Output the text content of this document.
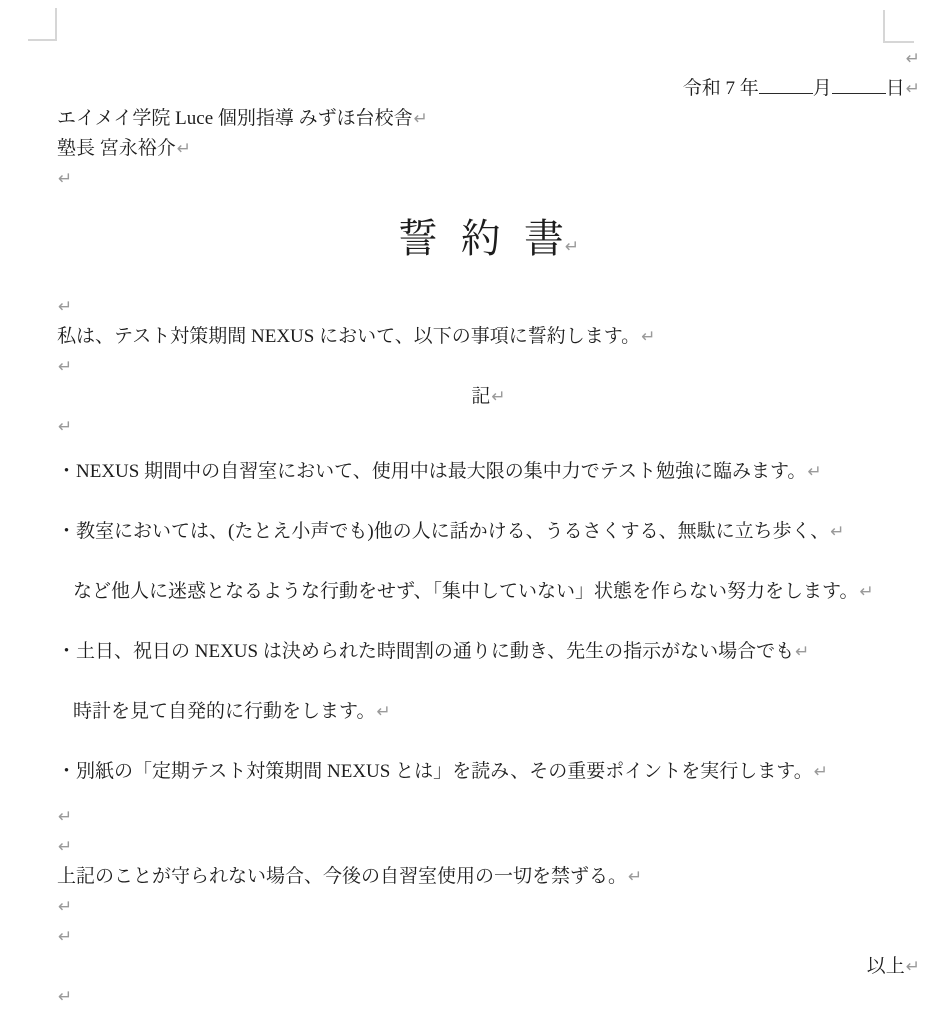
↵

令和 7 年	月	日↵

エイメイ学院 Luce 個別指導 みずほ台校舎↵

塾長 宮永裕介↵

↵

誓 約 書↵

↵

私は、テスト対策期間 NEXUS において、以下の事項に誓約します。↵

↵

記↵

↵

・NEXUS 期間中の自習室において、使用中は最大限の集中力でテスト勉強に臨みます。↵

・教室においては、(たとえ小声でも)他の人に話かける、うるさくする、無駄に立ち歩く、↵

など他人に迷惑となるような行動をせず、「集中していない」状態を作らない努力をします。↵

・土日、祝日の NEXUS は決められた時間割の通りに動き、先生の指示がない場合でも↵

時計を見て自発的に行動をします。↵

・別紙の「定期テスト対策期間 NEXUS とは」を読み、その重要ポイントを実行します。↵

↵

↵

上記のことが守られない場合、今後の自習室使用の一切を禁ずる。↵

↵

↵

以上↵

↵
